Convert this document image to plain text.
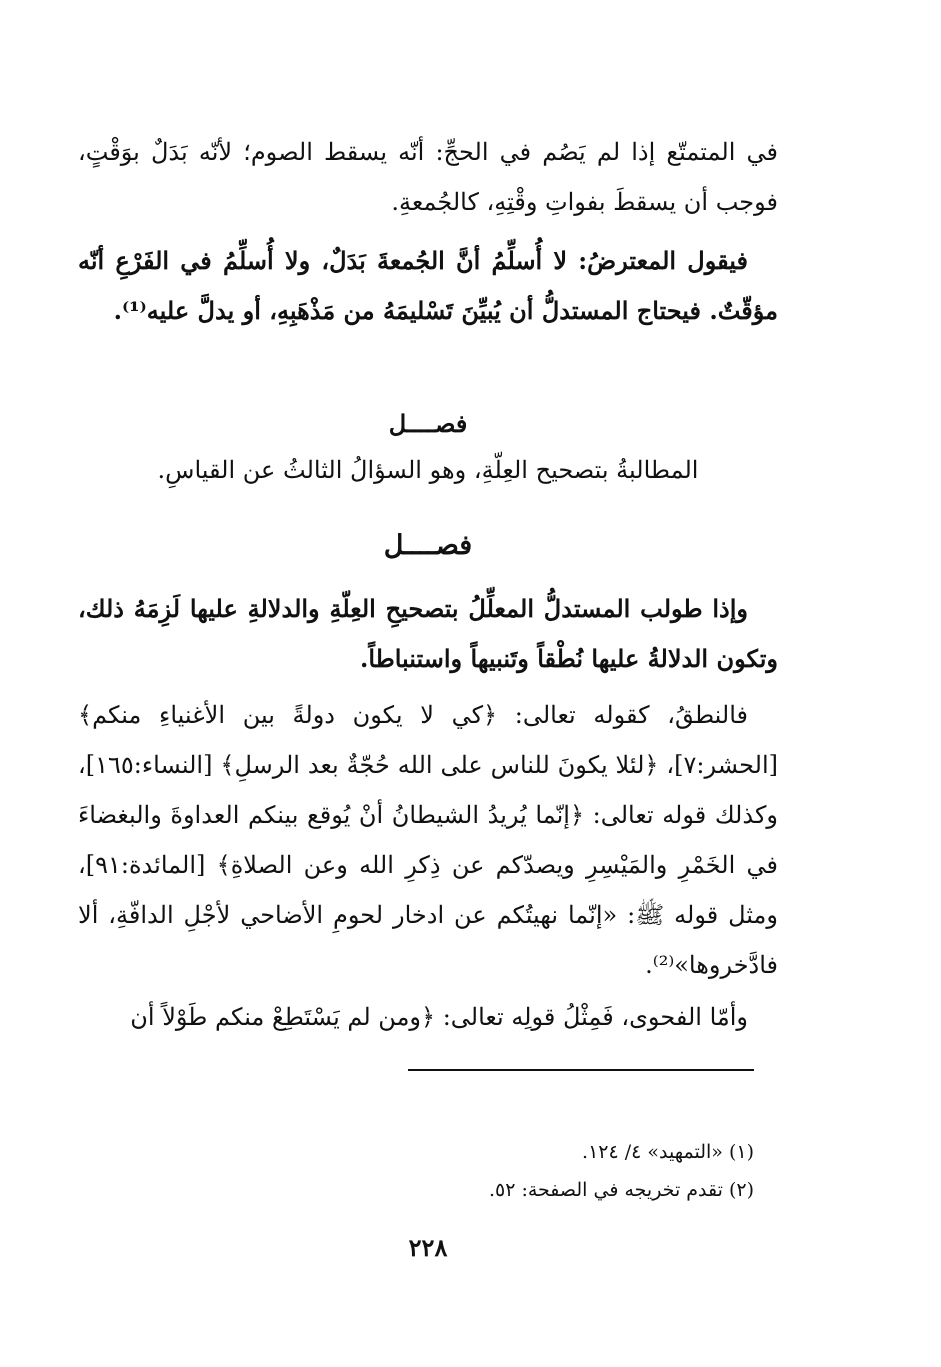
في المتمتّع إذا لم يَصُم في الحجِّ: أنّه يسقط الصوم؛ لأنّه بَدَلٌ بوَقْتٍ، فوجب أن يسقطَ بفواتِ وقْتِهِ، كالجُمعةِ.
فيقول المعترضُ: لا أُسلِّمُ أنَّ الجُمعةَ بَدَلٌ، ولا أُسلِّمُ في الفَرْعِ أنّه مؤقّتٌ. فيحتاج المستدلُّ أن يُبيِّنَ تَسْليمَهُ من مَذْهَبِهِ، أو يدلَّ عليه⁽¹⁾.
فصــــل
المطالبةُ بتصحيح العِلّةِ، وهو السؤالُ الثالثُ عن القياسِ.
فصــــل
وإذا طولب المستدلُّ المعلِّلُ بتصحيحِ العِلّةِ والدلالةِ عليها لَزِمَهُ ذلك، وتكون الدلالةُ عليها نُطْقاً وتَنبيهاً واستنباطاً.
فالنطقُ، كقوله تعالى: ﴿كي لا يكون دولةً بين الأغنياءِ منكم﴾ [الحشر:٧]، ﴿لئلا يكونَ للناس على الله حُجّةٌ بعد الرسلِ﴾ [النساء:١٦٥]، وكذلك قوله تعالى: ﴿إنّما يُريدُ الشيطانُ أنْ يُوقع بينكم العداوةَ والبغضاءَ في الخَمْرِ والمَيْسِرِ ويصدّكم عن ذِكرِ الله وعن الصلاةِ﴾ [المائدة:٩١]، ومثل قوله ﷺ: «إنّما نهيتُكم عن ادخار لحومِ الأضاحي لأجْلِ الدافّةِ، ألا فادَّخروها»⁽²⁾.
وأمّا الفحوى، فَمِثْلُ قولِه تعالى: ﴿ومن لم يَسْتَطِعْ منكم طَوْلاً أن
(١) «التمهيد» ٤/ ١٢٤.
(٢) تقدم تخريجه في الصفحة: ٥٢.
٢٢٨
